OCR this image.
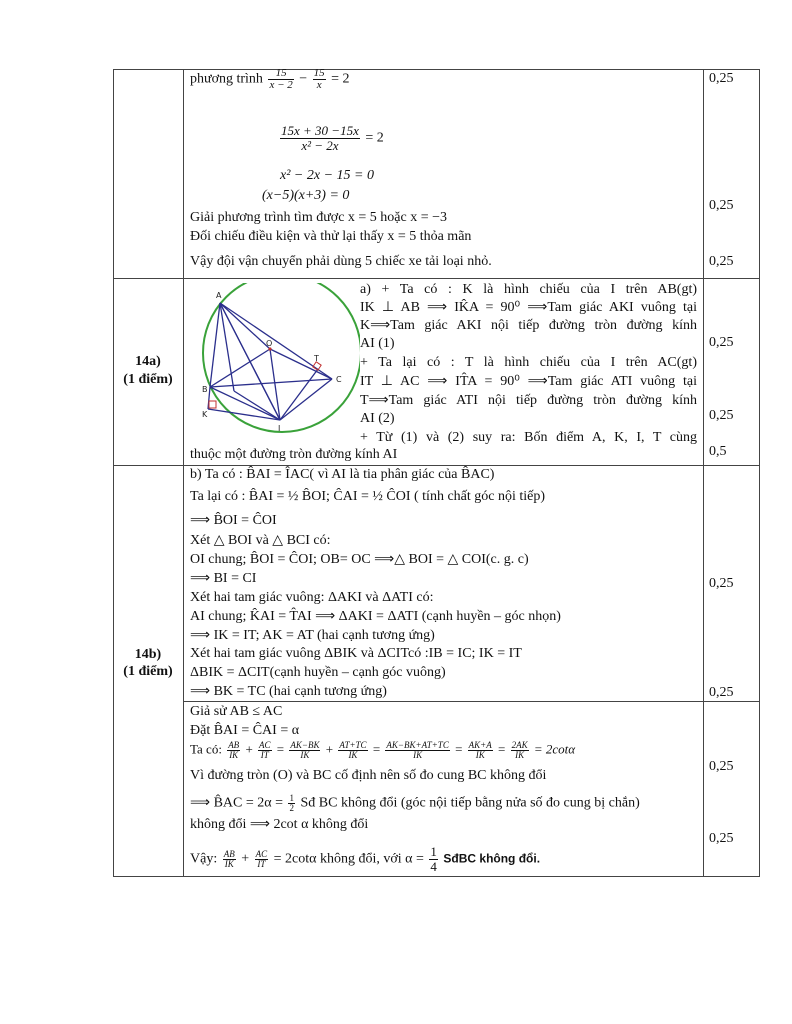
phương trình $\frac{15}{x - 2} - \frac{15}{x} = 2$
$\frac{15x + 30 -15x}{\text{x² − 2x}} = 2$
x² − 2x − 15 = 0
(x−5)(x+3) = 0
Giải phương trình tìm được x = 5 hoặc x = −3
Đối chiếu điều kiện và thử lại thấy x = 5 thỏa mãn
Vậy đội vận chuyển phải dùng 5 chiếc xe tải loại nhỏ.
0,25
0,25
0,25
14a)
(1 điểm)
A
B
C
O
T
K
I
a) + Ta có : K là hình chiếu của I trên AB(gt)
IK ⊥ AB ⟹ IK̂A = 90⁰ ⟹Tam giác AKI vuông tại
K⟹Tam giác AKI nội tiếp đường tròn đường kính
AI (1)
+ Ta lại có : T là hình chiếu của I trên AC(gt)
IT ⊥ AC ⟹ IT̂A = 90⁰ ⟹Tam giác ATI vuông tại
T⟹Tam giác ATI nội tiếp đường tròn đường kính
AI (2)
+ Từ (1) và (2) suy ra: Bốn điểm A, K, I, T cùng
thuộc một đường tròn đường kính AI
0,25
0,25
0,5
14b)
(1 điểm)
b) Ta có : B̂AI = ÎAC( vì AI là tia phân giác của B̂AC)
Ta lại có : B̂AI = ½ B̂OI; ĈAI = ½ ĈOI ( tính chất góc nội tiếp)
⟹ B̂OI = ĈOI
Xét △ BOI và △ BCI có:
OI chung; B̂OI = ĈOI; OB= OC ⟹△ BOI = △ COI(c. g. c)
⟹ BI = CI
Xét hai tam giác vuông: ΔAKI và ΔATI có:
AI chung; K̂AI = T̂AI ⟹ ΔAKI = ΔATI (cạnh huyền – góc nhọn)
⟹ IK = IT; AK = AT (hai cạnh tương ứng)
Xét hai tam giác vuông ΔBIK và ΔCITcó :IB = IC; IK = IT
ΔBIK = ΔCIT(cạnh huyền – cạnh góc vuông)
⟹ BK = TC (hai cạnh tương ứng)
0,25
0,25
Giả sử AB ≤ AC
Đặt B̂AI = ĈAI = α
Ta có: $\frac{AB}{IK} + \frac{AC}{IT} = \frac{AK-BK}{IK} + \frac{AT+TC}{IK} = \frac{AK-BK+AT+TC}{IK} = \frac{AK+A}{IK} = \frac{2AK}{IK} = 2\cot\alpha$
Vì đường tròn (O) và BC cố định nên số đo cung BC không đổi
⟹ B̂AC = $2\alpha = \frac{1}{2}$ Sđ BC không đổi (góc nội tiếp bằng nửa số đo cung bị chắn)
không đổi ⟹ 2cot α không đổi
Vậy: $\frac{AB}{IK} + \frac{AC}{IT} = 2\cot\alpha$ không đổi, với $\alpha = \frac{1}{4}$ SđBC không đổi.
0,25
0,25
